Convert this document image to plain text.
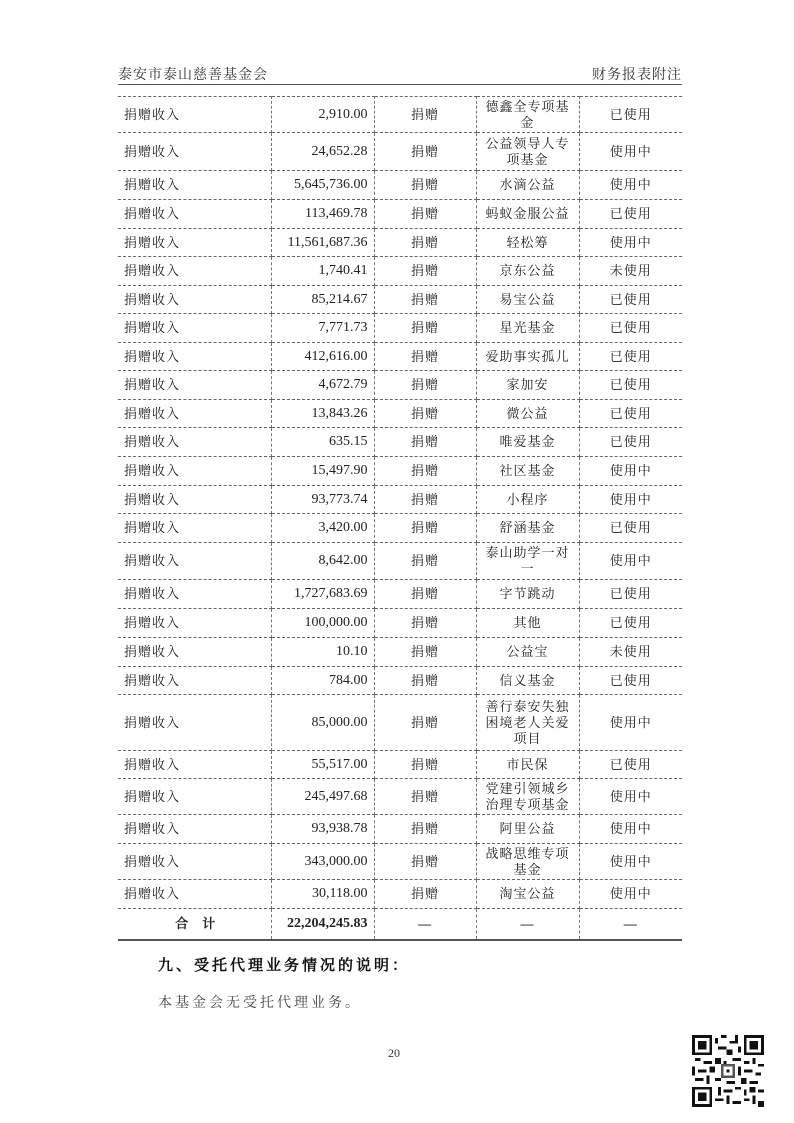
泰安市泰山慈善基金会	财务报表附注
捐赠收入	2,910.00	捐赠	德鑫全专项基金	已使用
捐赠收入	24,652.28	捐赠	公益领导人专项基金	使用中
捐赠收入	5,645,736.00	捐赠	水滴公益	使用中
捐赠收入	113,469.78	捐赠	蚂蚁金服公益	已使用
捐赠收入	11,561,687.36	捐赠	轻松筹	使用中
捐赠收入	1,740.41	捐赠	京东公益	未使用
捐赠收入	85,214.67	捐赠	易宝公益	已使用
捐赠收入	7,771.73	捐赠	星光基金	已使用
捐赠收入	412,616.00	捐赠	爱助事实孤儿	已使用
捐赠收入	4,672.79	捐赠	家加安	已使用
捐赠收入	13,843.26	捐赠	微公益	已使用
捐赠收入	635.15	捐赠	唯爱基金	已使用
捐赠收入	15,497.90	捐赠	社区基金	使用中
捐赠收入	93,773.74	捐赠	小程序	使用中
捐赠收入	3,420.00	捐赠	舒涵基金	已使用
捐赠收入	8,642.00	捐赠	泰山助学一对一	使用中
捐赠收入	1,727,683.69	捐赠	字节跳动	已使用
捐赠收入	100,000.00	捐赠	其他	已使用
捐赠收入	10.10	捐赠	公益宝	未使用
捐赠收入	784.00	捐赠	信义基金	已使用
捐赠收入	85,000.00	捐赠	善行泰安失独困境老人关爱项目	使用中
捐赠收入	55,517.00	捐赠	市民保	已使用
捐赠收入	245,497.68	捐赠	党建引领城乡治理专项基金	使用中
捐赠收入	93,938.78	捐赠	阿里公益	使用中
捐赠收入	343,000.00	捐赠	战略思维专项基金	使用中
捐赠收入	30,118.00	捐赠	淘宝公益	使用中
合计	22,204,245.83	—	—	—
九、受托代理业务情况的说明：
本基金会无受托代理业务。
20
